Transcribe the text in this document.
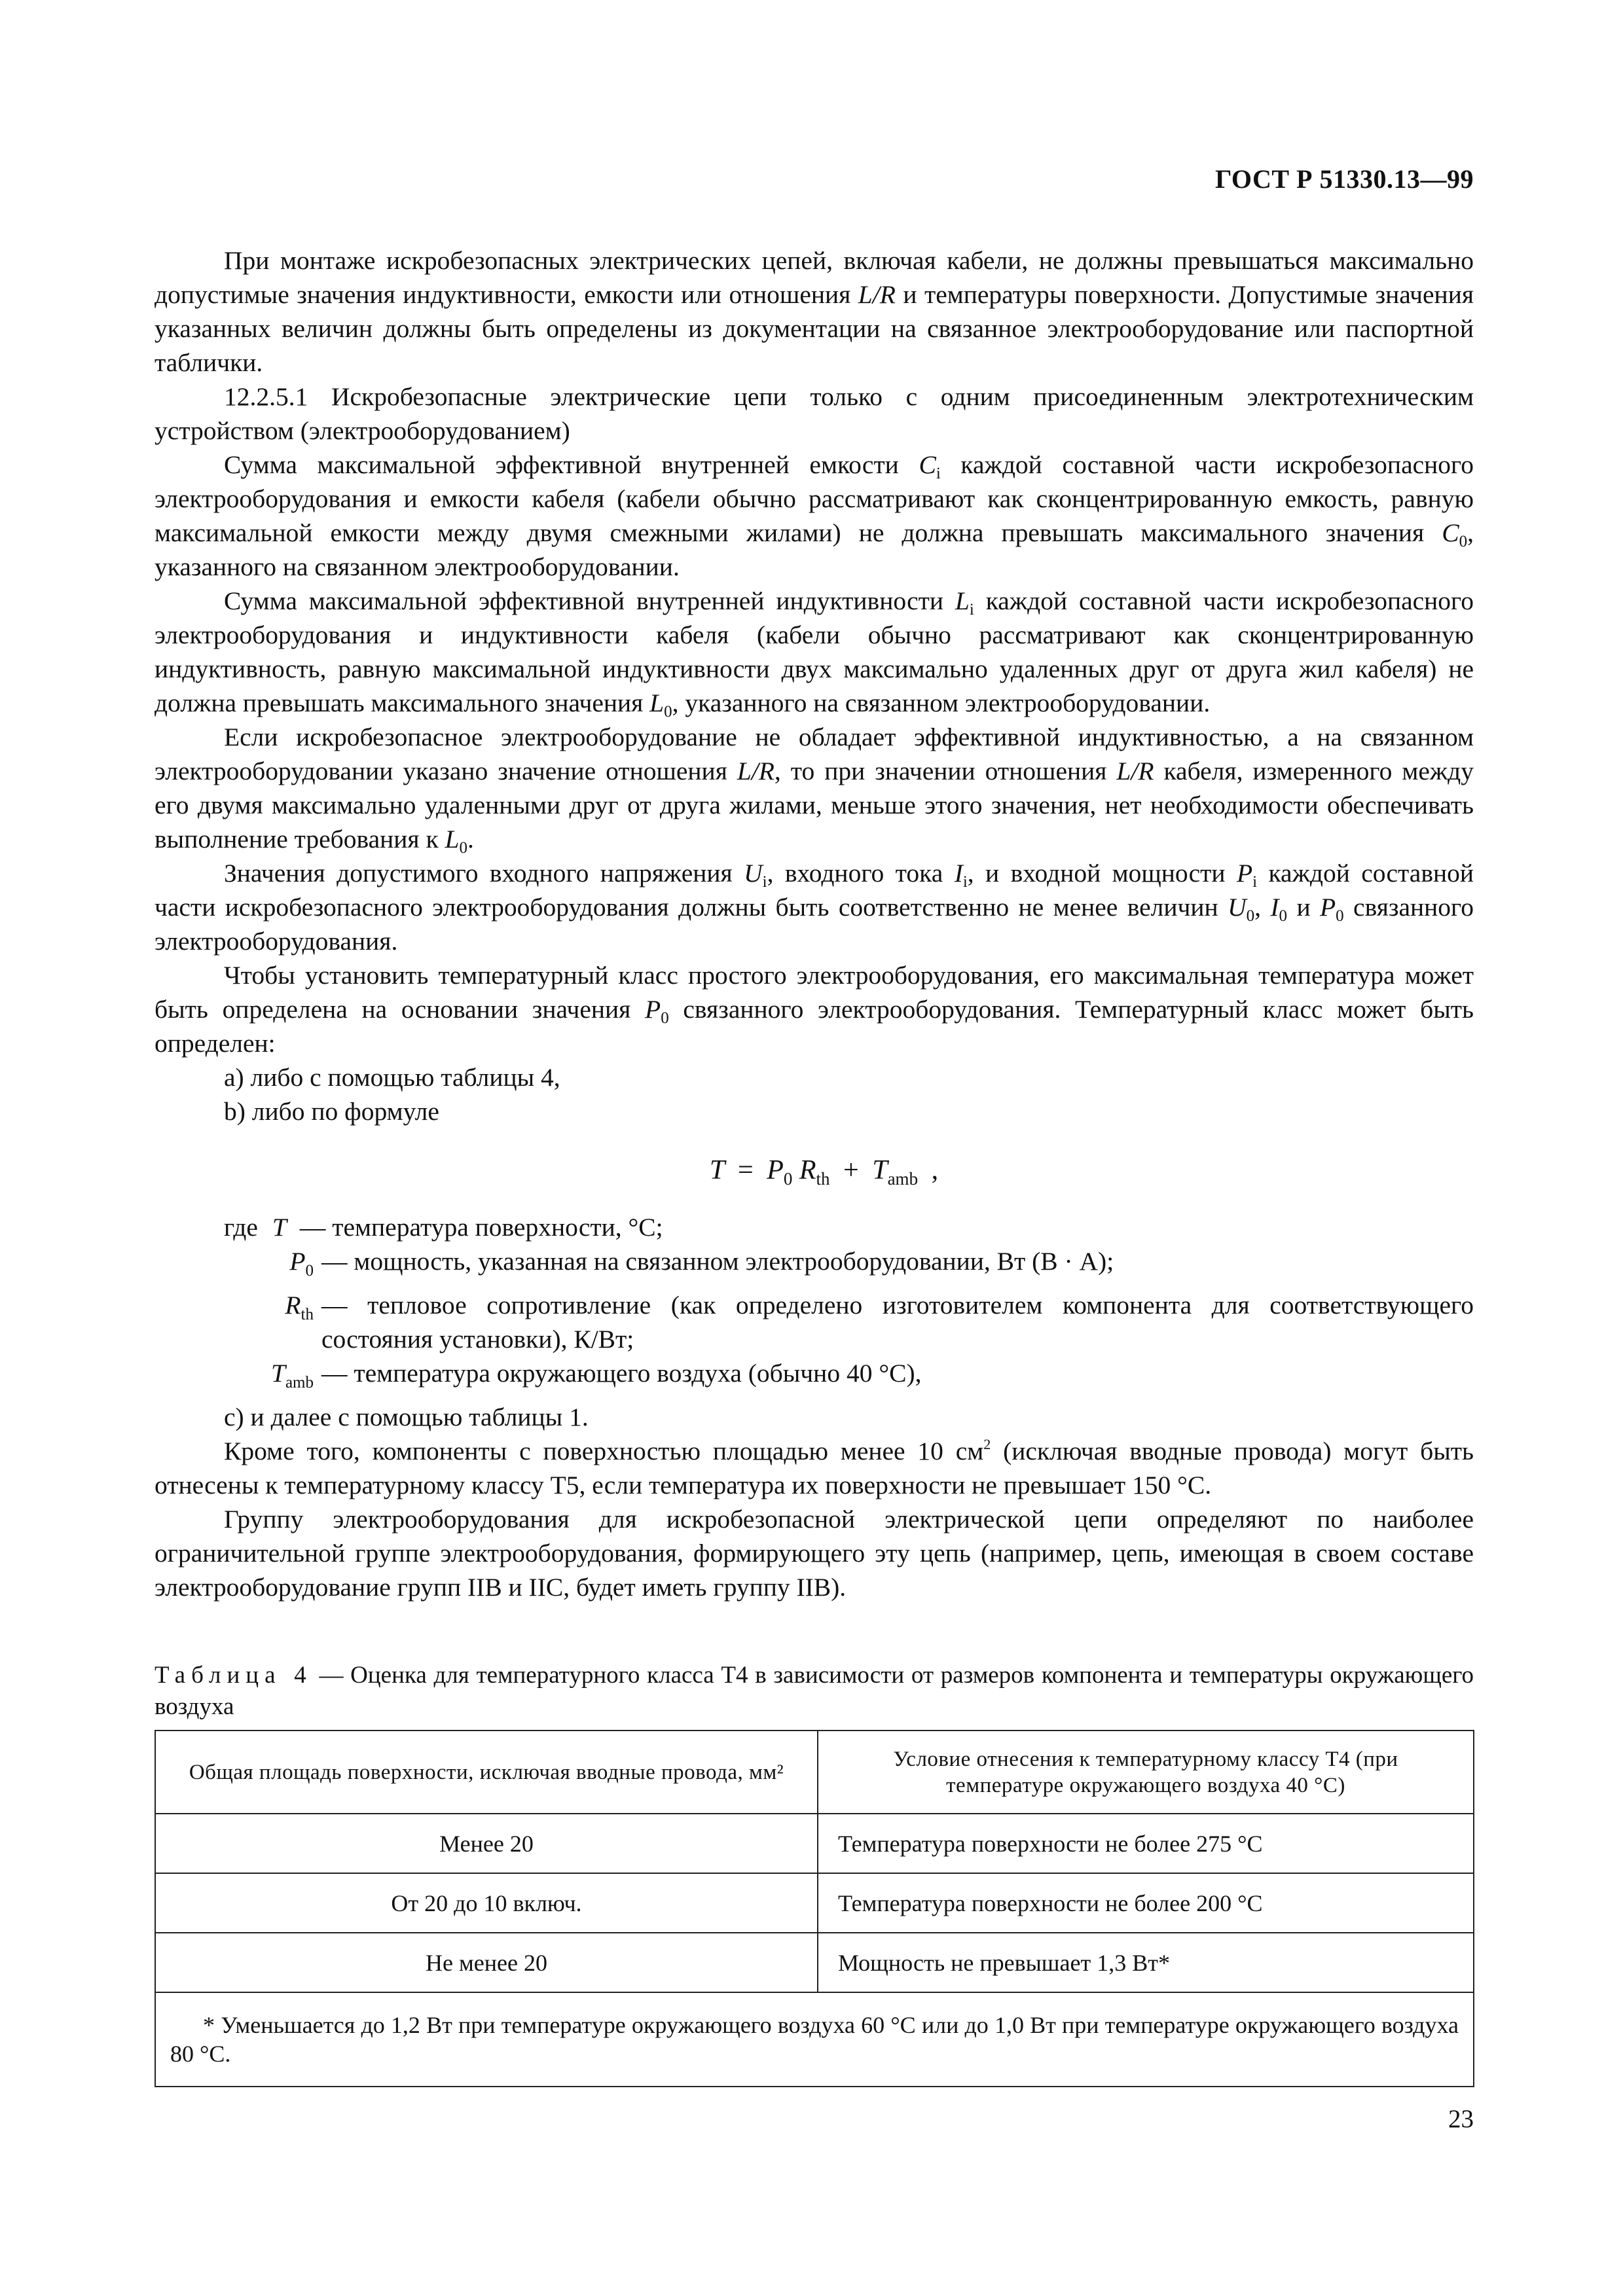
ГОСТ Р 51330.13—99

При монтаже искробезопасных электрических цепей, включая кабели, не должны превышаться максимально допустимые значения индуктивности, емкости или отношения L/R и температуры поверхности. Допустимые значения указанных величин должны быть определены из документации на связанное электрооборудование или паспортной таблички.

12.2.5.1 Искробезопасные электрические цепи только с одним присоединенным электротехническим устройством (электрооборудованием)

Сумма максимальной эффективной внутренней емкости $C_i$ каждой составной части искробезопасного электрооборудования и емкости кабеля (кабели обычно рассматривают как сконцентрированную емкость, равную максимальной емкости между двумя смежными жилами) не должна превышать максимального значения $C_0$, указанного на связанном электрооборудовании.

Сумма максимальной эффективной внутренней индуктивности $L_i$ каждой составной части искробезопасного электрооборудования и индуктивности кабеля (кабели обычно рассматривают как сконцентрированную индуктивность, равную максимальной индуктивности двух максимально удаленных друг от друга жил кабеля) не должна превышать максимального значения $L_0$, указанного на связанном электрооборудовании.

Если искробезопасное электрооборудование не обладает эффективной индуктивностью, а на связанном электрооборудовании указано значение отношения L/R, то при значении отношения L/R кабеля, измеренного между его двумя максимально удаленными друг от друга жилами, меньше этого значения, нет необходимости обеспечивать выполнение требования к $L_0$.

Значения допустимого входного напряжения $U_i$, входного тока $I_i$, и входной мощности $P_i$ каждой составной части искробезопасного электрооборудования должны быть соответственно не менее величин $U_0$, $I_0$ и $P_0$ связанного электрооборудования.

Чтобы установить температурный класс простого электрооборудования, его максимальная температура может быть определена на основании значения $P_0$ связанного электрооборудования. Температурный класс может быть определен:

а) либо с помощью таблицы 4,

b) либо по формуле

$T = P_0$ $R_{th} + T_{amb}$ ,
где T — температура поверхности, °С;
$P_0$ — мощность, указанная на связанном электрооборудовании, Вт (В · А);
$R_{th}$ — тепловое сопротивление (как определено изготовителем компонента для соответствующего состояния установки), К/Вт;
$T_{amb}$ — температура окружающего воздуха (обычно 40 °С),

с) и далее с помощью таблицы 1.

Кроме того, компоненты с поверхностью площадью менее 10 $см^2$ (исключая вводные провода) могут быть отнесены к температурному классу Т5, если температура их поверхности не превышает 150 °С.

Группу электрооборудования для искробезопасной электрической цепи определяют по наиболее ограничительной группе электрооборудования, формирующего эту цепь (например, цепь, имеющая в своем составе электрооборудование групп IIВ и IIС, будет иметь группу IIВ).

Таблица 4 — Оценка для температурного класса Т4 в зависимости от размеров компонента и температуры окружающего воздуха
Общая площадь поверхности, исключая вводные провода, мм²	Условие отнесения к температурному классу Т4 (при температуре окружающего воздуха 40 °С)
Менее 20	Температура поверхности не более 275 °С
От 20 до 10 включ.	Температура поверхности не более 200 °С
Не менее 20	Мощность не превышает 1,3 Вт*
* Уменьшается до 1,2 Вт при температуре окружающего воздуха 60 °С или до 1,0 Вт при температуре окружающего воздуха 80 °С.	
23
